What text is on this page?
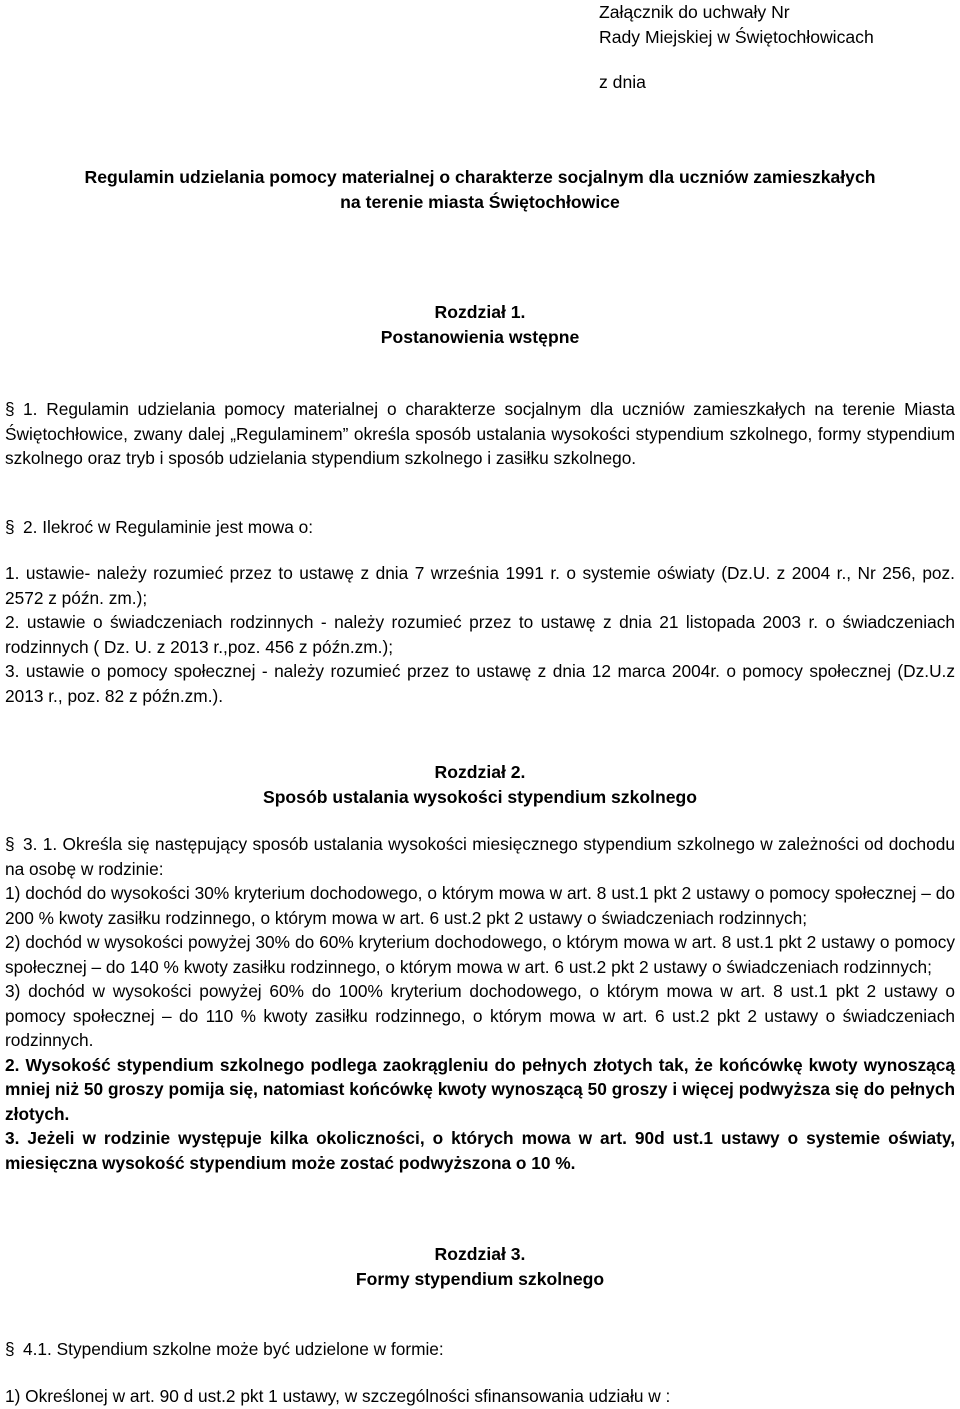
Załącznik do uchwały Nr
Rady Miejskiej w Świętochłowicach
z dnia
Regulamin udzielania pomocy materialnej o charakterze socjalnym dla uczniów zamieszkałych
na terenie miasta Świętochłowice
Rozdział 1.
Postanowienia wstępne

§ 1. Regulamin udzielania pomocy materialnej o charakterze socjalnym dla uczniów zamieszkałych na terenie Miasta Świętochłowice, zwany dalej „Regulaminem” określa sposób ustalania wysokości stypendium szkolnego, formy stypendium szkolnego oraz tryb i sposób udzielania stypendium szkolnego i zasiłku szkolnego.

§ 2. Ilekroć w Regulaminie jest mowa o:

1. ustawie- należy rozumieć przez to ustawę z dnia 7 września 1991 r. o systemie oświaty (Dz.U. z 2004 r., Nr 256, poz. 2572 z późn. zm.);

2. ustawie o świadczeniach rodzinnych - należy rozumieć przez to ustawę z dnia 21 listopada 2003 r. o świadczeniach rodzinnych ( Dz. U. z 2013 r.,poz. 456 z późn.zm.);

3. ustawie o pomocy społecznej - należy rozumieć przez to ustawę z dnia 12 marca 2004r. o pomocy społecznej (Dz.U.z 2013 r., poz. 82 z późn.zm.).

Rozdział 2.
Sposób ustalania wysokości stypendium szkolnego

§ 3. 1. Określa się następujący sposób ustalania wysokości miesięcznego stypendium szkolnego w zależności od dochodu na osobę w rodzinie:

1) dochód do wysokości 30% kryterium dochodowego, o którym mowa w art. 8 ust.1 pkt 2 ustawy o pomocy społecznej – do 200 % kwoty zasiłku rodzinnego, o którym mowa w art. 6 ust.2 pkt 2 ustawy o świadczeniach rodzinnych;

2) dochód w wysokości powyżej 30% do 60% kryterium dochodowego, o którym mowa w art. 8 ust.1 pkt 2 ustawy o pomocy społecznej – do 140 % kwoty zasiłku rodzinnego, o którym mowa w art. 6 ust.2 pkt 2 ustawy o świadczeniach rodzinnych;

3) dochód w wysokości powyżej 60% do 100% kryterium dochodowego, o którym mowa w art. 8 ust.1 pkt 2 ustawy o pomocy społecznej – do 110 % kwoty zasiłku rodzinnego, o którym mowa w art. 6 ust.2 pkt 2 ustawy o świadczeniach rodzinnych.

2. Wysokość stypendium szkolnego podlega zaokrągleniu do pełnych złotych tak, że końcówkę kwoty wynoszącą mniej niż 50 groszy pomija się, natomiast końcówkę kwoty wynoszącą 50 groszy i więcej podwyższa się do pełnych złotych.

3. Jeżeli w rodzinie występuje kilka okoliczności, o których mowa w art. 90d ust.1 ustawy o systemie oświaty, miesięczna wysokość stypendium może zostać podwyższona o 10 %.

Rozdział 3.
Formy stypendium szkolnego

§ 4.1. Stypendium szkolne może być udzielone w formie:

1) Określonej w art. 90 d ust.2 pkt 1 ustawy, w szczególności sfinansowania udziału w :
